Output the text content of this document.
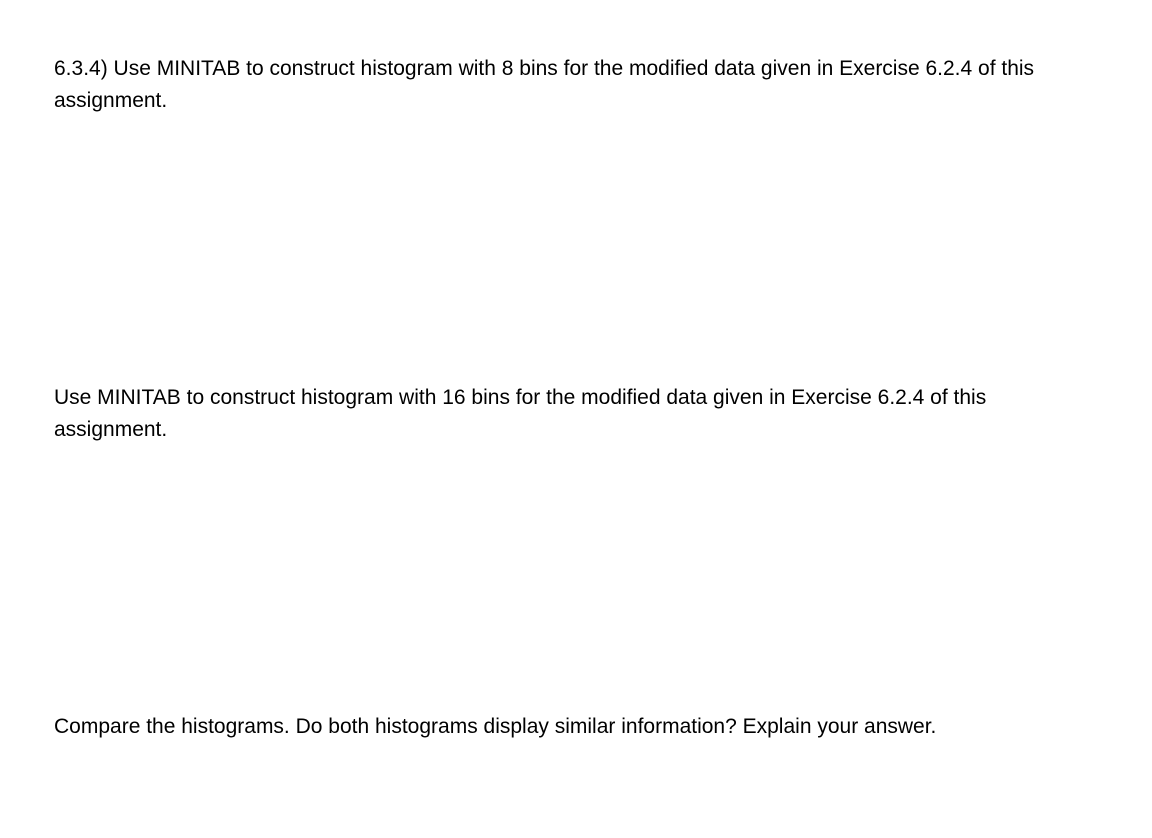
6.3.4) Use MINITAB to construct histogram with 8 bins for the modified data given in Exercise 6.2.4 of this assignment.

Use MINITAB to construct histogram with 16 bins for the modified data given in Exercise 6.2.4 of this assignment.

Compare the histograms. Do both histograms display similar information? Explain your answer.
